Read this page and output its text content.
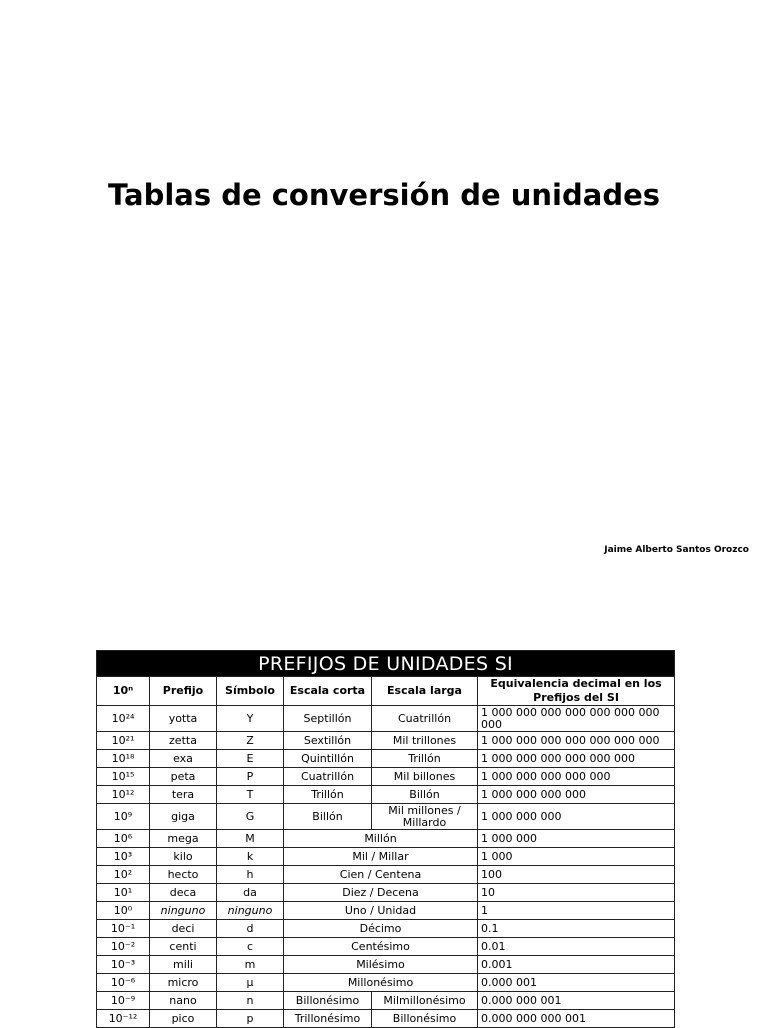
Tablas de conversión de unidades
Jaime Alberto Santos Orozco
PREFIJOS DE UNIDADES SI					
10ⁿ	Prefijo	Símbolo	Escala corta	Escala larga	Equivalencia decimal en los Prefijos del SI
10²⁴	yotta	Y	Septillón	Cuatrillón	1 000 000 000 000 000 000 000 000
10²¹	zetta	Z	Sextillón	Mil trillones	1 000 000 000 000 000 000 000
10¹⁸	exa	E	Quintillón	Trillón	1 000 000 000 000 000 000
10¹⁵	peta	P	Cuatrillón	Mil billones	1 000 000 000 000 000
10¹²	tera	T	Trillón	Billón	1 000 000 000 000
10⁹	giga	G	Billón	Mil millones / Millardo	1 000 000 000
10⁶	mega	M	Millón		1 000 000
10³	kilo	k	Mil / Millar		1 000
10²	hecto	h	Cien / Centena		100
10¹	deca	da	Diez / Decena		10
10⁰	ninguno	ninguno	Uno / Unidad		1
10⁻¹	deci	d	Décimo		0.1
10⁻²	centi	c	Centésimo		0.01
10⁻³	mili	m	Milésimo		0.001
10⁻⁶	micro	µ	Millonésimo		0.000 001
10⁻⁹	nano	n	Billonésimo	Milmillonésimo	0.000 000 001
10⁻¹²	pico	p	Trillonésimo	Billonésimo	0.000 000 000 001
